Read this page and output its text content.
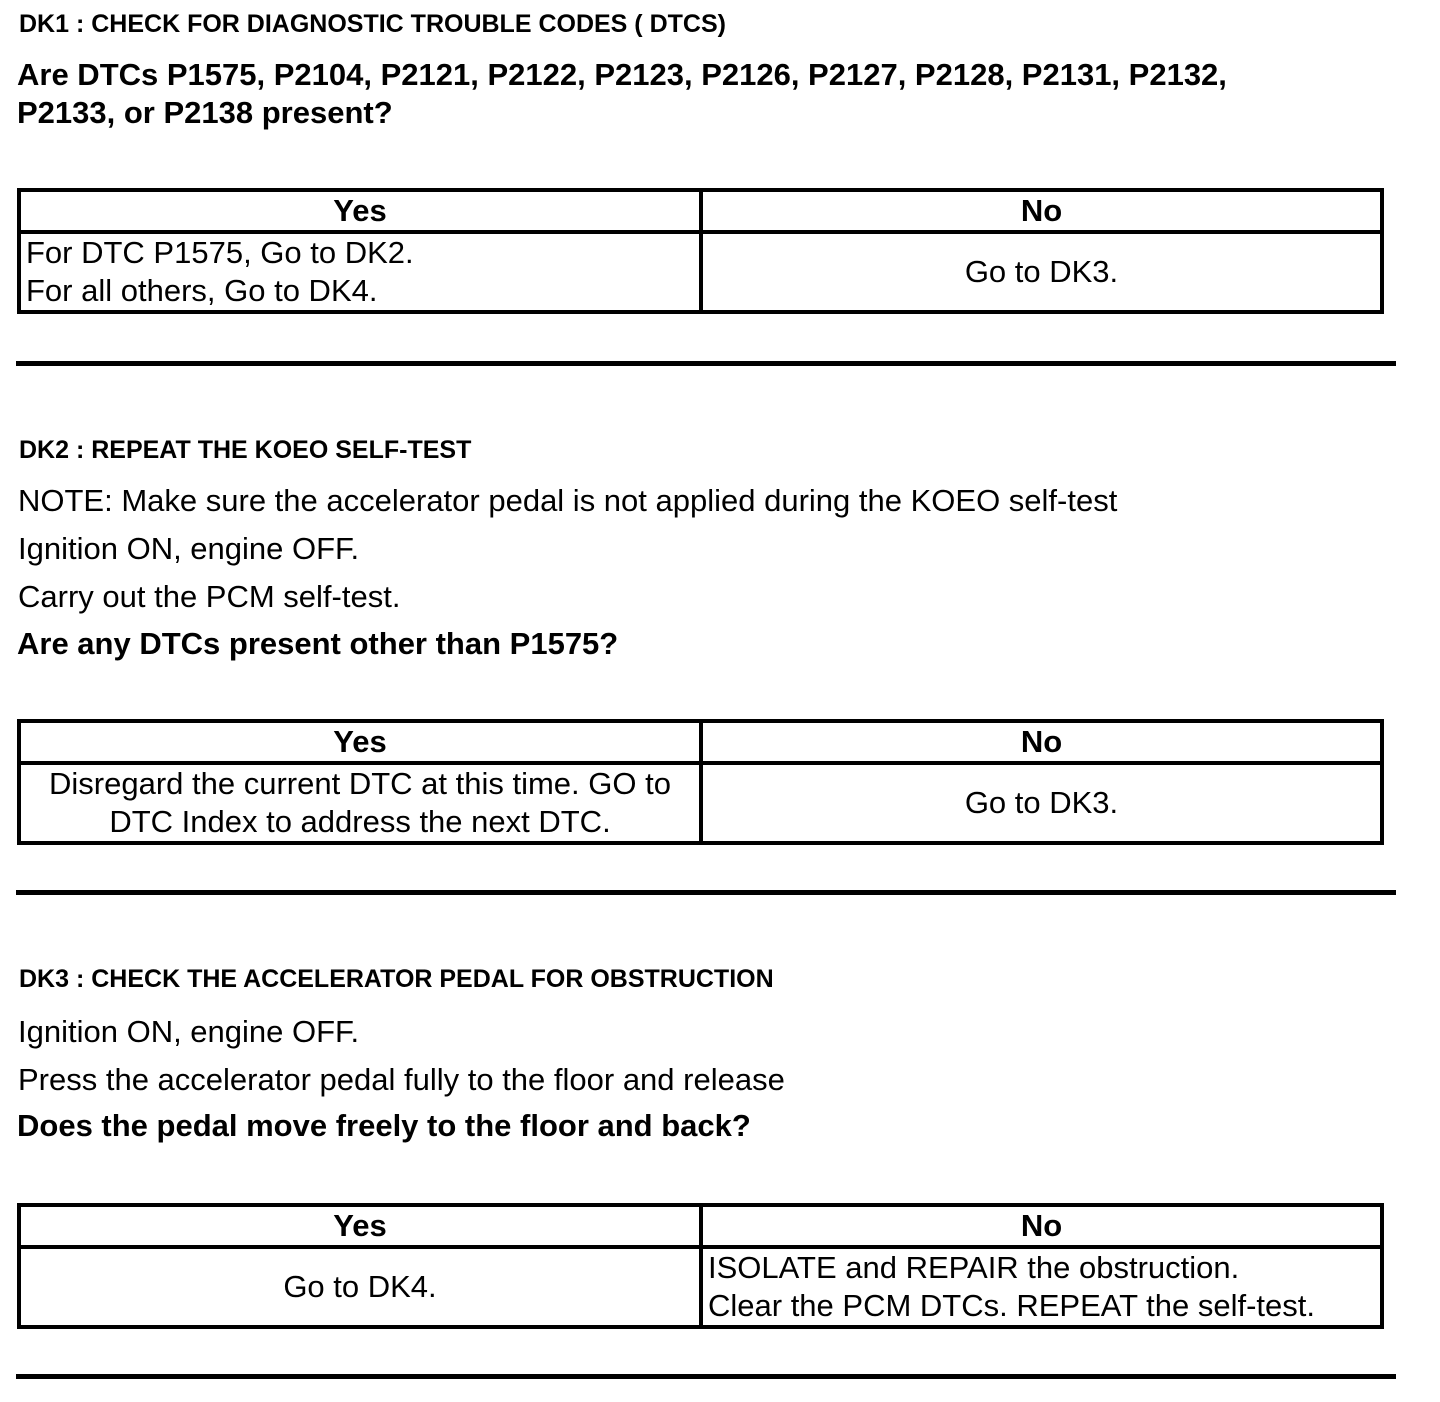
DK1 : CHECK FOR DIAGNOSTIC TROUBLE CODES ( DTCS)
Are DTCs P1575, P2104, P2121, P2122, P2123, P2126, P2127, P2128, P2131, P2132,
P2133, or P2138 present?
Yes	No

For DTC P1575, Go to DK2.
For all others, Go to DK4.	Go to DK3.
DK2 : REPEAT THE KOEO SELF-TEST
NOTE: Make sure the accelerator pedal is not applied during the KOEO self-test
Ignition ON, engine OFF.
Carry out the PCM self-test.
Are any DTCs present other than P1575?
Yes	No

Disregard the current DTC at this time. GO to
DTC Index to address the next DTC.	Go to DK3.
DK3 : CHECK THE ACCELERATOR PEDAL FOR OBSTRUCTION
Ignition ON, engine OFF.
Press the accelerator pedal fully to the floor and release
Does the pedal move freely to the floor and back?
Yes	No

Go to DK4.	ISOLATE and REPAIR the obstruction.
Clear the PCM DTCs. REPEAT the self-test.
